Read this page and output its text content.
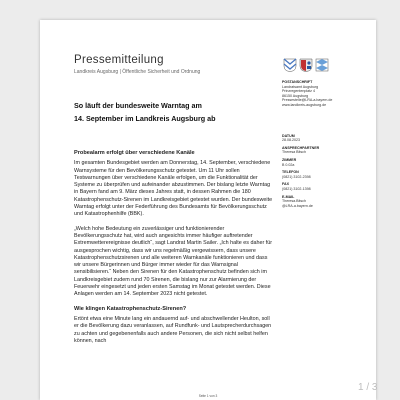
Pressemitteilung
Landkreis Augsburg | Öffentliche Sicherheit und Ordnung
POSTANSCHRIFT
Landratsamt Augsburg
Prinzregentenplatz 4
86150 Augsburg
Pressestelle@LRA-a.bayern.de
www.landkreis-augsburg.de
DATUM
28.08.2023
ANSPRECHPARTNER
Theresa Bitsch
ZIMMER
B 0.02a
TELEFON
(0821) 3102-2398
FAX
(0821) 3102-1398
E-MAIL
Theresa.Bitsch
@LRA-a.bayern.de
So läuft der bundesweite Warntag am
14. September im Landkreis Augsburg ab
Probealarm erfolgt über verschiedene Kanäle

Im gesamten Bundesgebiet werden am Donnerstag, 14. September, verschiedene Warnsysteme für den Bevölkerungsschutz getestet. Um 11 Uhr sollen Testwarnungen über verschiedene Kanäle erfolgen, um die Funktionalität der Systeme zu überprüfen und aufeinander abzustimmen. Der bislang letzte Warntag in Bayern fand am 9. März dieses Jahres statt, in dessen Rahmen die 180 Katastrophenschutz-Sirenen im Landkreisgebiet getestet wurden. Der bundesweite Warntag erfolgt unter der Federführung des Bundesamts für Bevölkerungsschutz und Katastrophenhilfe (BBK).

„Welch hohe Bedeutung ein zuverlässiger und funktionierender Bevölkerungsschutz hat, wird auch angesichts immer häufiger auftretender Extremwetterereignisse deutlich“, sagt Landrat Martin Sailer. „Ich halte es daher für ausgesprochen wichtig, dass wir uns regelmäßig vergewissern, dass unsere Katastrophenschutzsirenen und alle weiteren Warnkanäle funktionieren und dass wir unsere Bürgerinnen und Bürger immer wieder für das Warnsignal sensibilisieren.“ Neben den Sirenen für den Katastrophenschutz befinden sich im Landkreisgebiet zudem rund 70 Sirenen, die bislang nur zur Alarmierung der Feuerwehr eingesetzt und jeden ersten Samstag im Monat getestet werden. Diese Anlagen werden am 14. September 2023 nicht getestet.

Wie klingen Katastrophenschutz-Sirenen?

Ertönt etwa eine Minute lang ein andauernd auf- und abschwellender Heulton, soll er die Bevölkerung dazu veranlassen, auf Rundfunk- und Lautsprecherdurchsagen zu achten und gegebenenfalls auch andere Personen, die sich nicht selbst helfen können, nach

Seite 1 von 3
1 / 3
